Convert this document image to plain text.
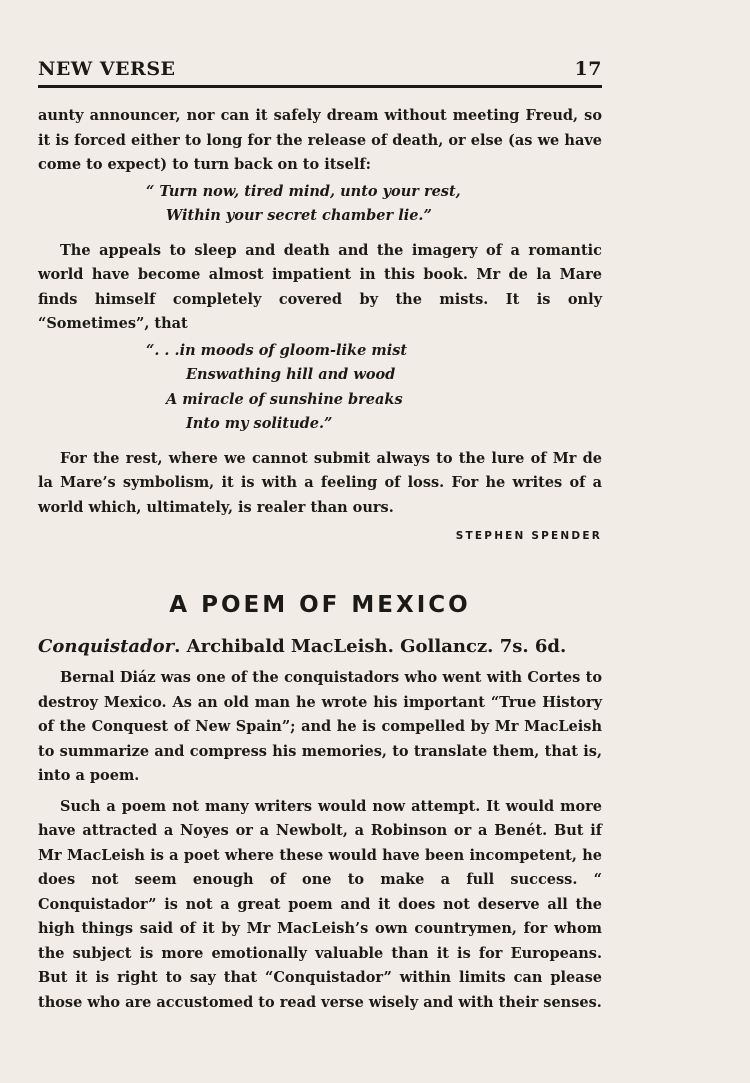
NEW VERSE	17

aunty announcer, nor can it safely dream without meeting Freud, so it is forced either to long for the release of death, or else (as we have come to expect) to turn back on to itself:

“ Turn now, tired mind, unto your rest,
Within your secret chamber lie.”

The appeals to sleep and death and the imagery of a romantic world have become almost impatient in this book. Mr de la Mare finds himself completely covered by the mists. It is only “Sometimes”, that

“. . .in moods of gloom-like mist
Enswathing hill and wood
A miracle of sunshine breaks
Into my solitude.”

For the rest, where we cannot submit always to the lure of Mr de la Mare’s symbolism, it is with a feeling of loss. For he writes of a world which, ultimately, is realer than ours.

STEPHEN SPENDER
A POEM OF MEXICO
Conquistador. Archibald MacLeish. Gollancz. 7s. 6d.

Bernal Diáz was one of the conquistadors who went with Cortes to destroy Mexico. As an old man he wrote his important “True History of the Conquest of New Spain”; and he is compelled by Mr MacLeish to summarize and compress his memories, to translate them, that is, into a poem.

Such a poem not many writers would now attempt. It would more have attracted a Noyes or a Newbolt, a Robinson or a Benét. But if Mr MacLeish is a poet where these would have been incompetent, he does not seem enough of one to make a full success. “ Conquistador” is not a great poem and it does not deserve all the high things said of it by Mr MacLeish’s own countrymen, for whom the subject is more emotionally valuable than it is for Europeans. But it is right to say that “Conquistador” within limits can please those who are accustomed to read verse wisely and with their senses.
